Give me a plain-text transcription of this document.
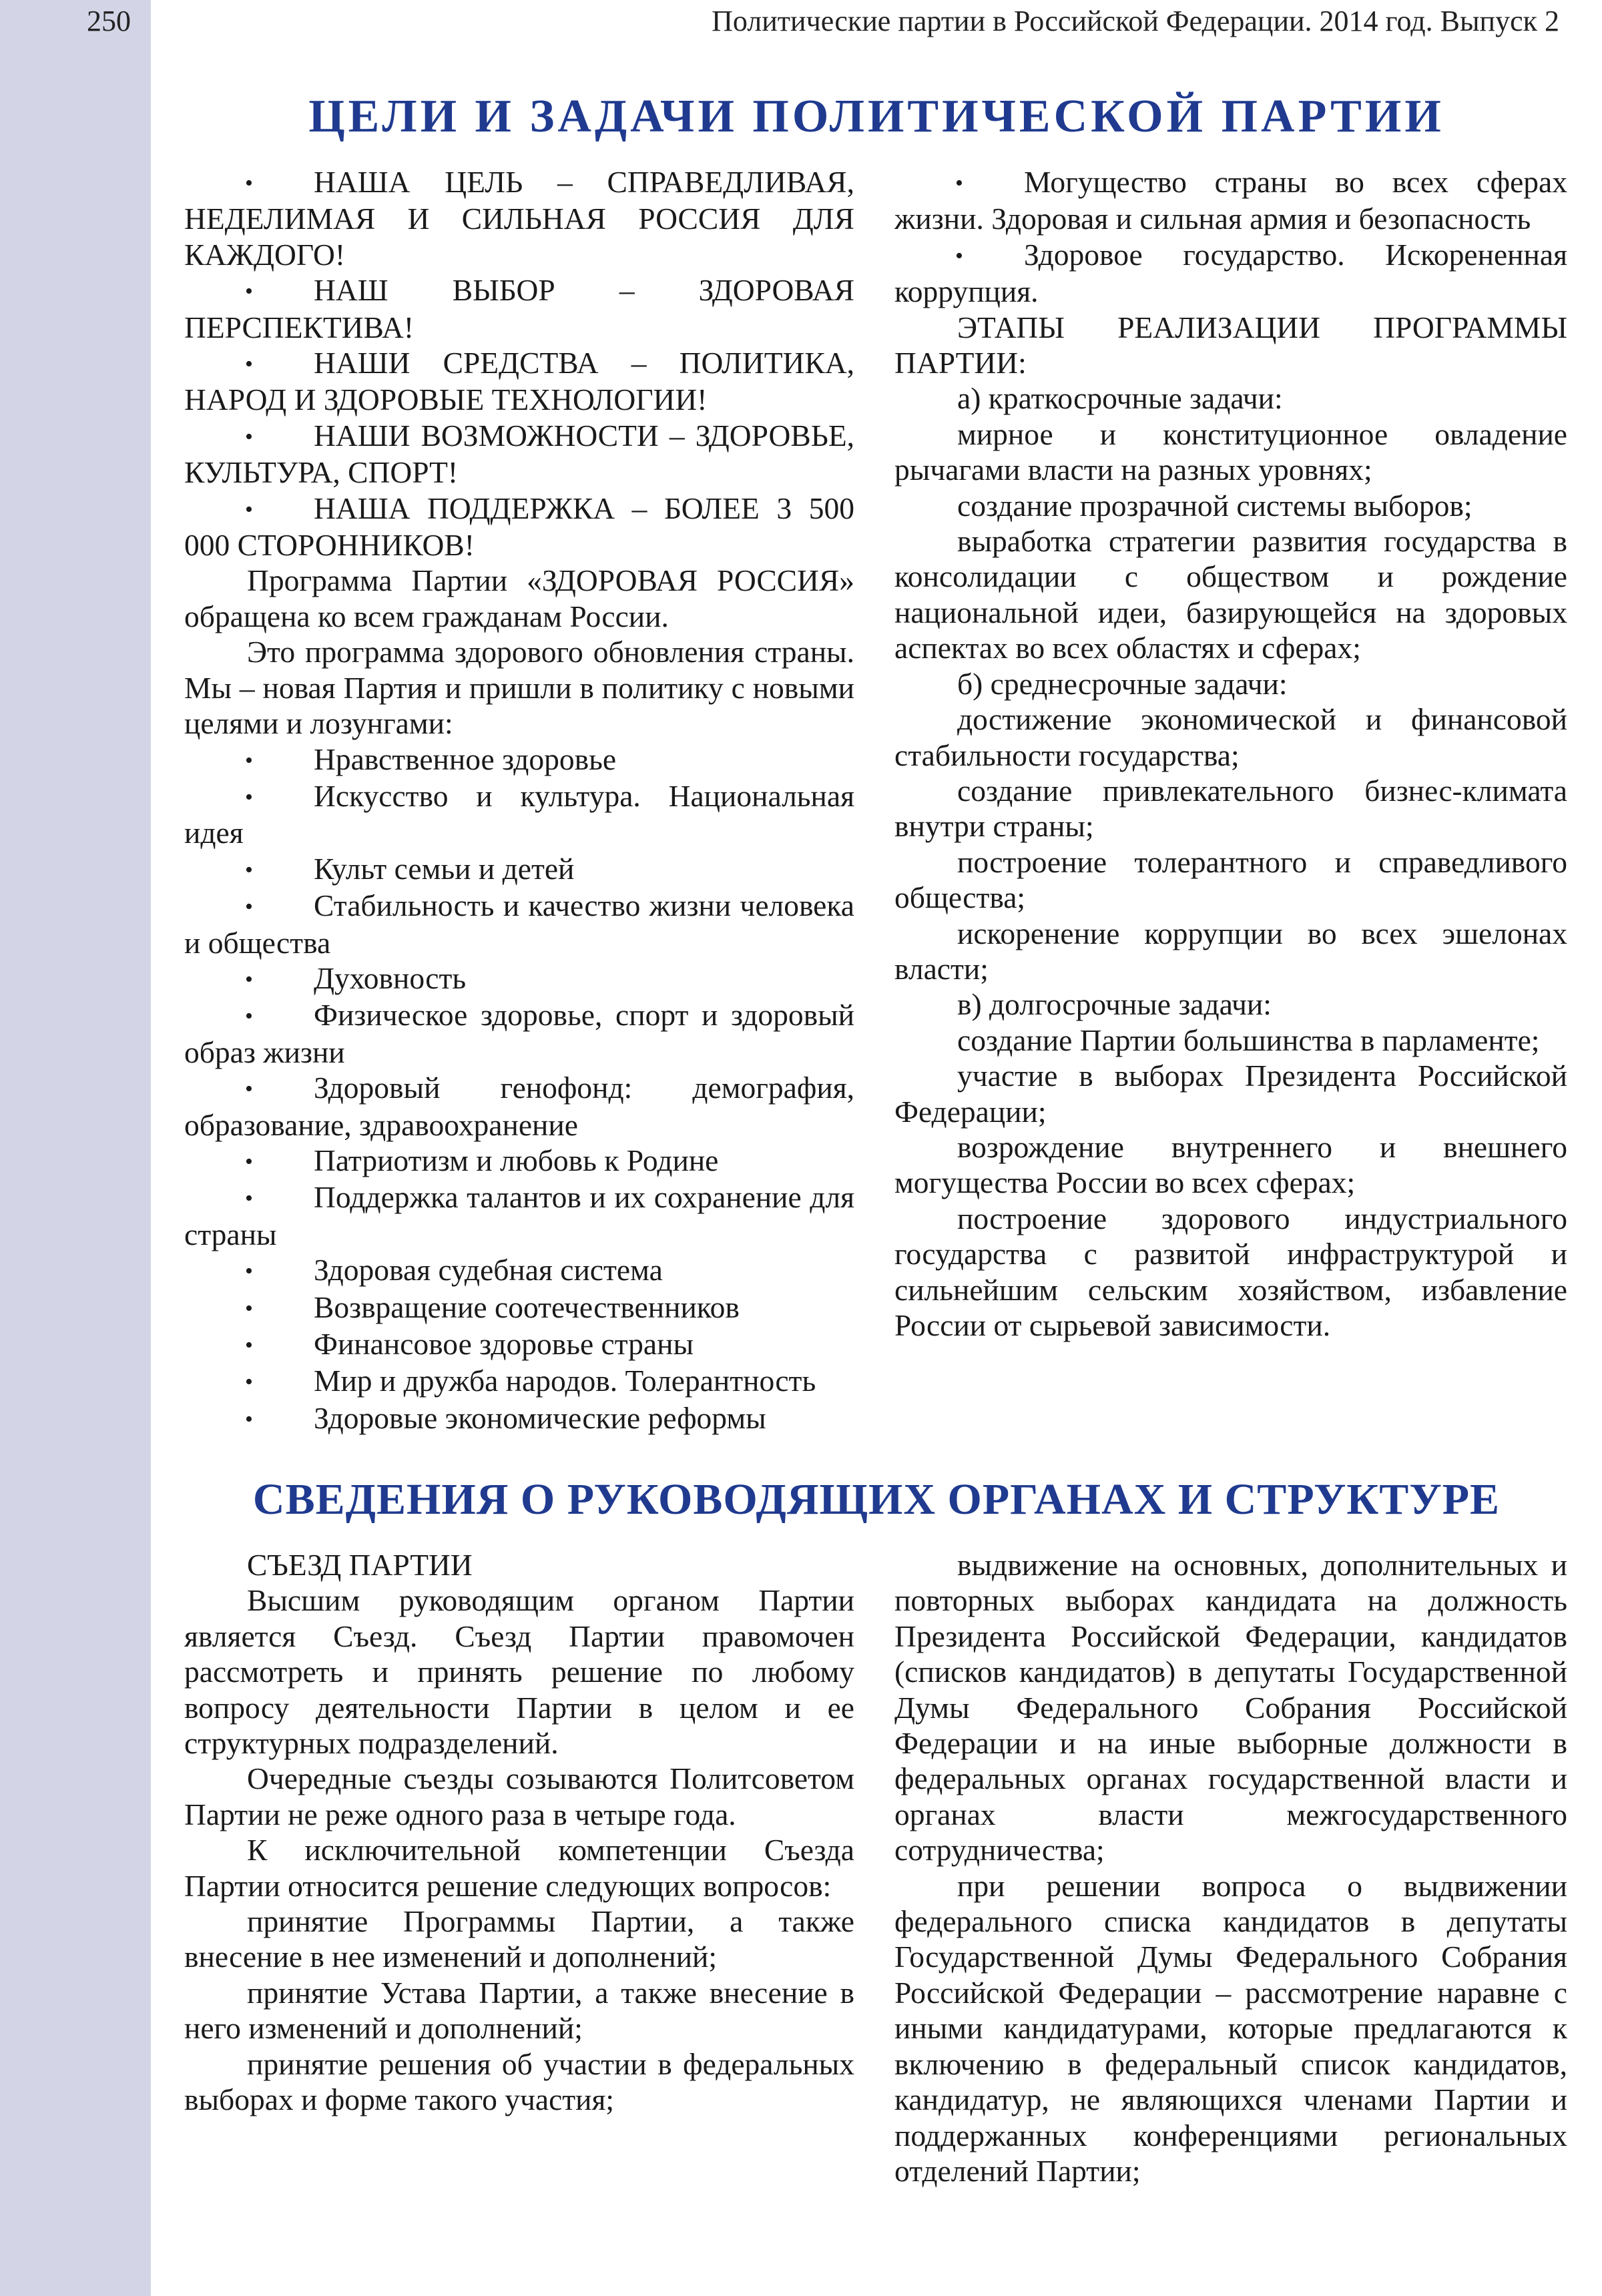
250	Политические партии в Российской Федерации. 2014 год. Выпуск 2
ЦЕЛИ И ЗАДАЧИ ПОЛИТИЧЕСКОЙ ПАРТИИ

•НАША ЦЕЛЬ – СПРАВЕДЛИВАЯ, НЕДЕЛИМАЯ И СИЛЬНАЯ РОССИЯ ДЛЯ КАЖДОГО!

•НАШ ВЫБОР – ЗДОРОВАЯ ПЕРСПЕКТИВА!

•НАШИ СРЕДСТВА – ПОЛИТИКА, НАРОД И ЗДОРОВЫЕ ТЕХНОЛОГИИ!

•НАШИ ВОЗМОЖНОСТИ – ЗДОРОВЬЕ, КУЛЬТУРА, СПОРТ!

•НАША ПОДДЕРЖКА – БОЛЕЕ 3 500 000 СТОРОННИКОВ!

Программа Партии «ЗДОРОВАЯ РОССИЯ» обращена ко всем гражданам России.

Это программа здорового обновления страны. Мы – новая Партия и пришли в политику с новыми целями и лозунгами:

•Нравственное здоровье

•Искусство и культура. Национальная идея

•Культ семьи и детей

•Стабильность и качество жизни человека и общества

•Духовность

•Физическое здоровье, спорт и здоровый образ жизни

•Здоровый генофонд: демография, образование, здравоохранение

•Патриотизм и любовь к Родине

•Поддержка талантов и их сохранение для страны

•Здоровая судебная система

•Возвращение соотечественников

•Финансовое здоровье страны

•Мир и дружба народов. Толерантность

•Здоровые экономические реформы

•Могущество страны во всех сферах жизни. Здоровая и сильная армия и безопасность

•Здоровое государство. Искорененная коррупция.

ЭТАПЫ РЕАЛИЗАЦИИ ПРОГРАММЫ ПАРТИИ:

а) краткосрочные задачи:

мирное и конституционное овладение рычагами власти на разных уровнях;

создание прозрачной системы выборов;

выработка стратегии развития государства в консолидации с обществом и рождение национальной идеи, базирующейся на здоровых аспектах во всех областях и сферах;

б) среднесрочные задачи:

достижение экономической и финансовой стабильности государства;

создание привлекательного бизнес-климата внутри страны;

построение толерантного и справедливого общества;

искоренение коррупции во всех эшелонах власти;

в) долгосрочные задачи:

создание Партии большинства в парламенте;

участие в выборах Президента Российской Федерации;

возрождение внутреннего и внешнего могущества России во всех сферах;

построение здорового индустриального государства с развитой инфраструктурой и сильнейшим сельским хозяйством, избавление России от сырьевой зависимости.

СВЕДЕНИЯ О РУКОВОДЯЩИХ ОРГАНАХ И СТРУКТУРЕ

СЪЕЗД ПАРТИИ

Высшим руководящим органом Партии является Съезд. Съезд Партии правомочен рассмотреть и принять решение по любому вопросу деятельности Партии в целом и ее структурных подразделений.

Очередные съезды созываются Политсоветом Партии не реже одного раза в четыре года.

К исключительной компетенции Съезда Партии относится решение следующих вопросов:

принятие Программы Партии, а также внесение в нее изменений и дополнений;

принятие Устава Партии, а также внесение в него изменений и дополнений;

принятие решения об участии в федеральных выборах и форме такого участия;

выдвижение на основных, дополнительных и повторных выборах кандидата на должность Президента Российской Федерации, кандидатов (списков кандидатов) в депутаты Государственной Думы Федерального Собрания Российской Федерации и на иные выборные должности в федеральных органах государственной власти и органах власти межгосударственного сотрудничества;

при решении вопроса о выдвижении федерального списка кандидатов в депутаты Государственной Думы Федерального Собрания Российской Федерации – рассмотрение наравне с иными кандидатурами, которые предлагаются к включению в федеральный список кандидатов, кандидатур, не являющихся членами Партии и поддержанных конференциями региональных отделений Партии;
